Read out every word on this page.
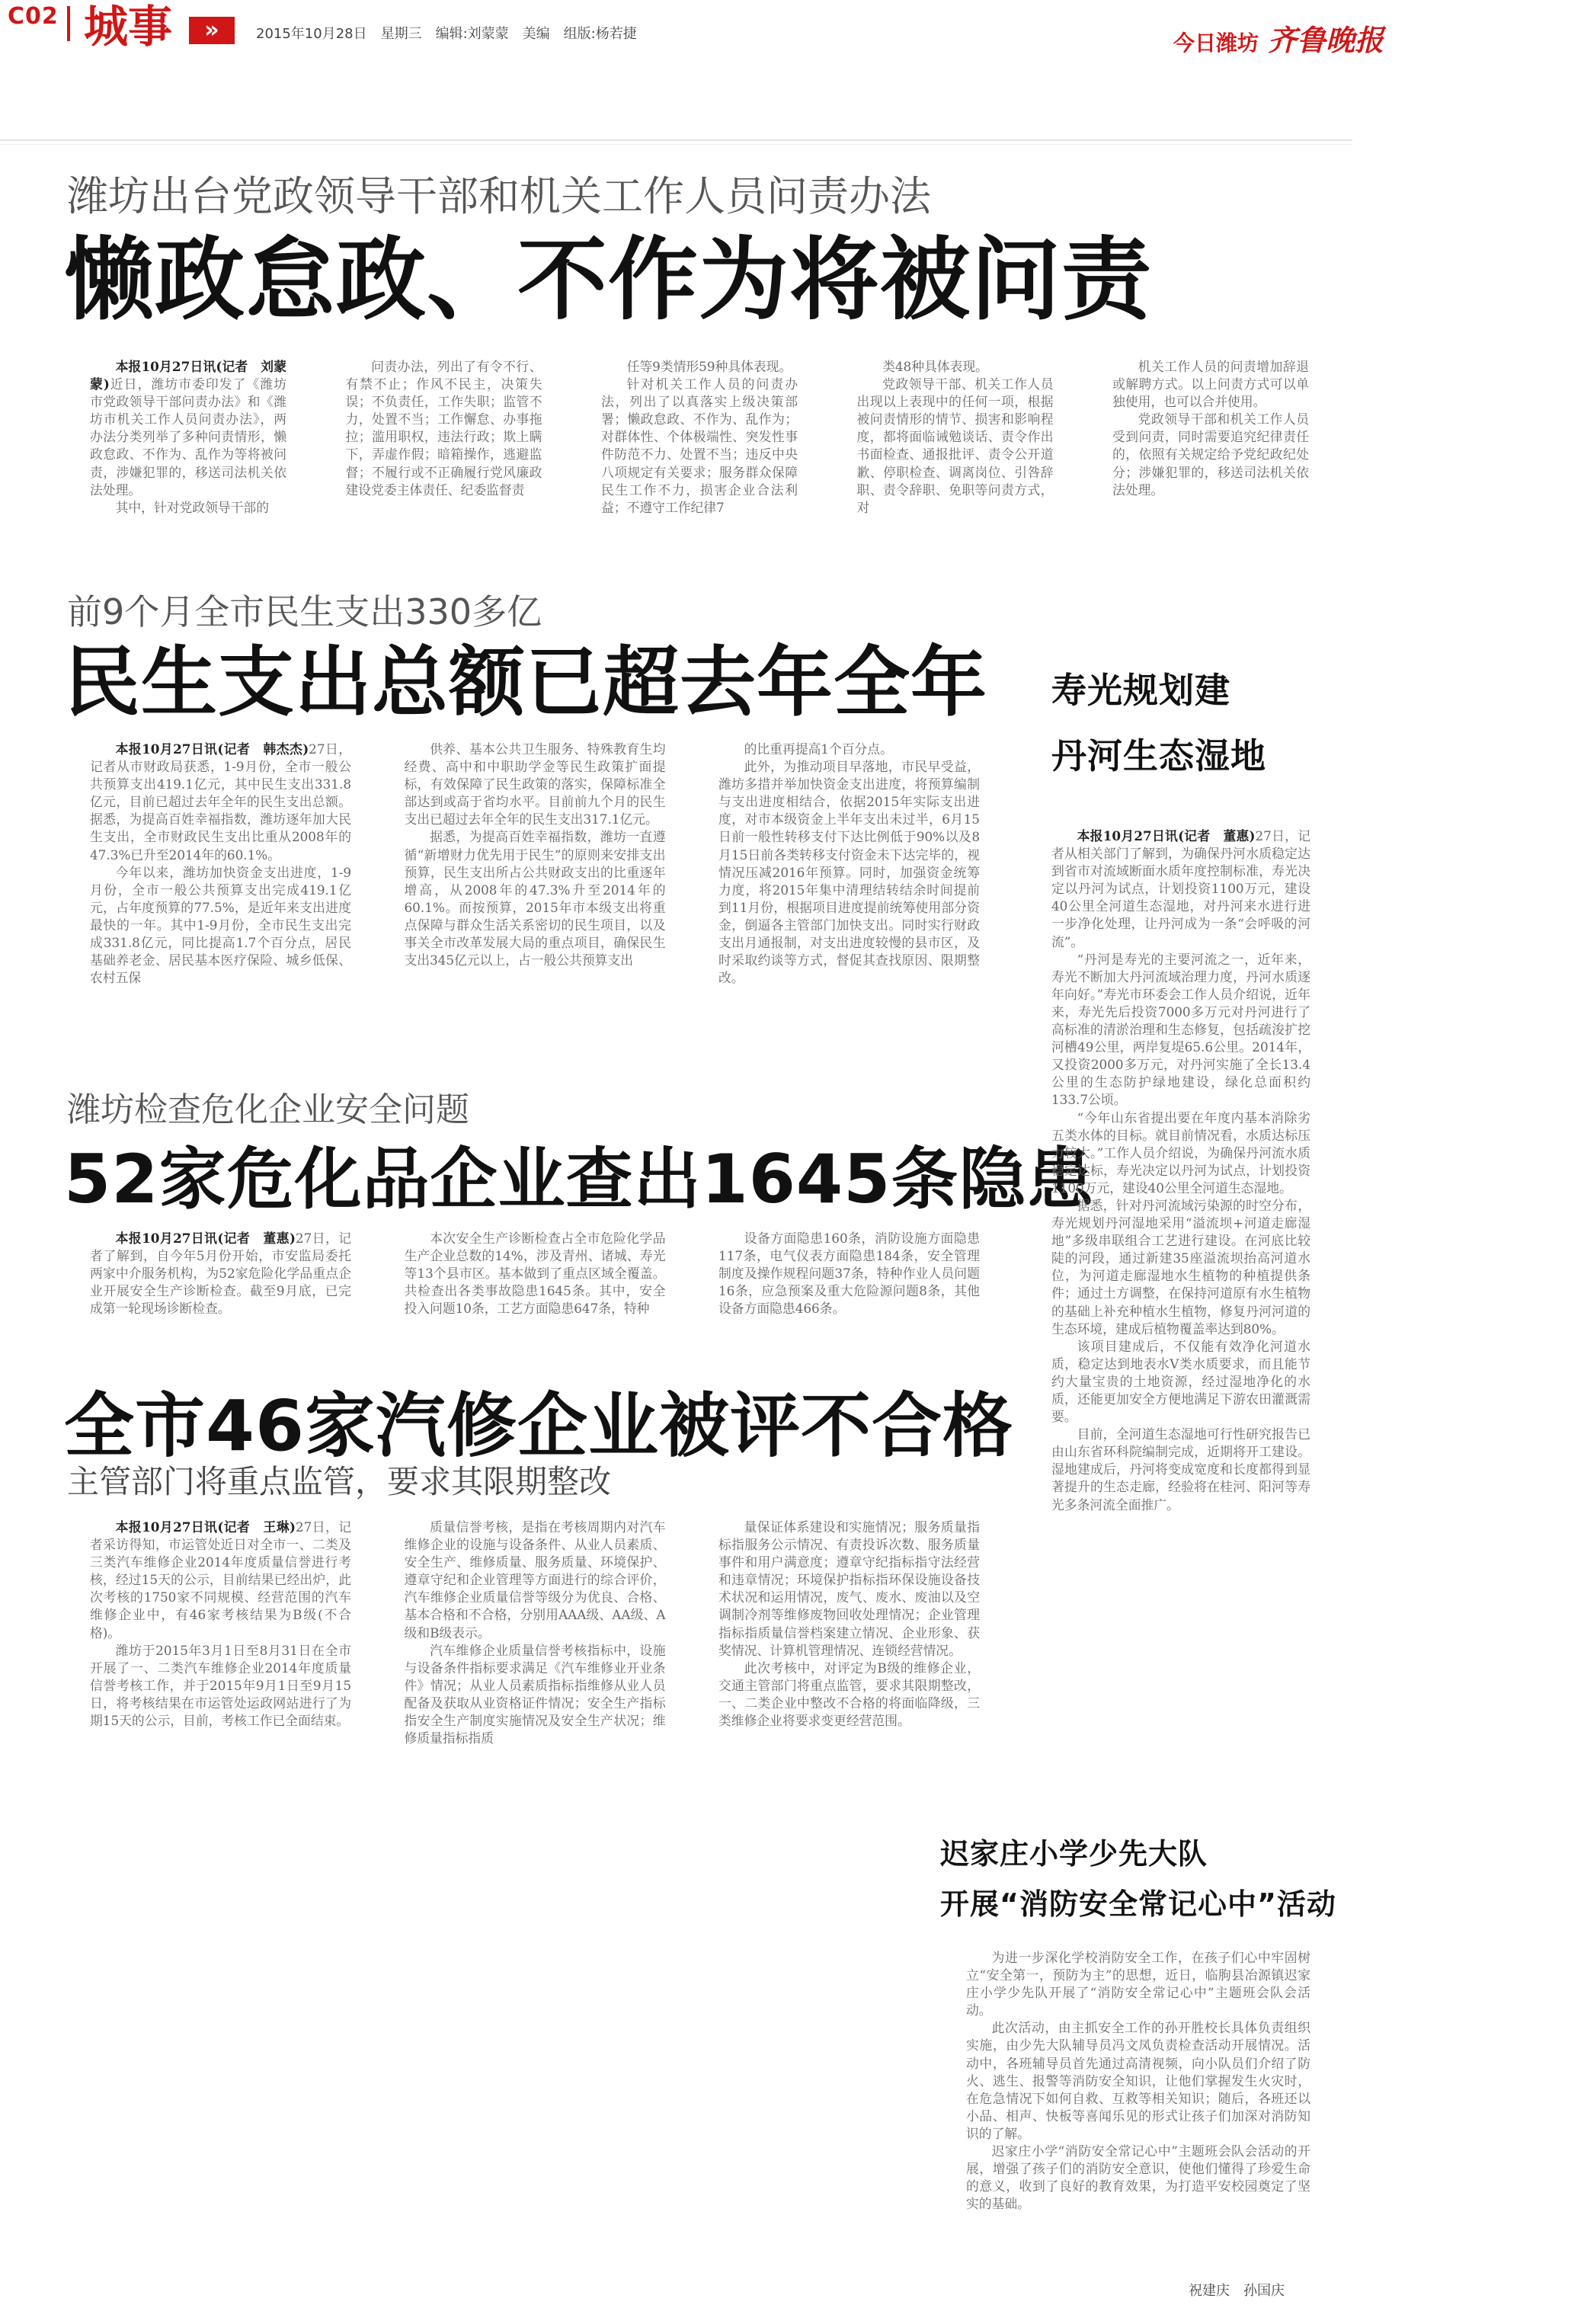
C02 城事	»	2015年10月28日　星期三　编辑:刘蒙蒙　美编　组版:杨若捷	今日潍坊 齐鲁晚报
潍坊出台党政领导干部和机关工作人员问责办法
懒政怠政、不作为将被问责

本报10月27日讯(记者　刘蒙蒙)近日，潍坊市委印发了《潍坊市党政领导干部问责办法》和《潍坊市机关工作人员问责办法》，两办法分类列举了多种问责情形，懒政怠政、不作为、乱作为等将被问责，涉嫌犯罪的，移送司法机关依法处理。

其中，针对党政领导干部的

问责办法，列出了有令不行、有禁不止；作风不民主，决策失误；不负责任，工作失职；监管不力，处置不当；工作懈怠、办事拖拉；滥用职权，违法行政；欺上瞒下，弄虚作假；暗箱操作，逃避监督；不履行或不正确履行党风廉政建设党委主体责任、纪委监督责

任等9类情形59种具体表现。

针对机关工作人员的问责办法，列出了以真落实上级决策部署；懒政怠政、不作为、乱作为；对群体性、个体极端性、突发性事件防范不力、处置不当；违反中央八项规定有关要求；服务群众保障民生工作不力，损害企业合法利益；不遵守工作纪律7

类48种具体表现。

党政领导干部、机关工作人员出现以上表现中的任何一项，根据被问责情形的情节、损害和影响程度，都将面临诫勉谈话、责令作出书面检查、通报批评、责令公开道歉、停职检查、调离岗位、引咎辞职、责令辞职、免职等问责方式，对

机关工作人员的问责增加辞退或解聘方式。以上问责方式可以单独使用，也可以合并使用。

党政领导干部和机关工作人员受到问责，同时需要追究纪律责任的，依照有关规定给予党纪政纪处分；涉嫌犯罪的，移送司法机关依法处理。

前9个月全市民生支出330多亿
民生支出总额已超去年全年

本报10月27日讯(记者　韩杰杰)27日，记者从市财政局获悉，1-9月份，全市一般公共预算支出419.1亿元，其中民生支出331.8亿元，目前已超过去年全年的民生支出总额。据悉，为提高百姓幸福指数，潍坊逐年加大民生支出，全市财政民生支出比重从2008年的47.3%已升至2014年的60.1%。

今年以来，潍坊加快资金支出进度，1-9月份，全市一般公共预算支出完成419.1亿元，占年度预算的77.5%，是近年来支出进度最快的一年。其中1-9月份，全市民生支出完成331.8亿元，同比提高1.7个百分点，居民基础养老金、居民基本医疗保险、城乡低保、农村五保

供养、基本公共卫生服务、特殊教育生均经费、高中和中职助学金等民生政策扩面提标，有效保障了民生政策的落实，保障标准全部达到或高于省均水平。目前前九个月的民生支出已超过去年全年的民生支出317.1亿元。

据悉，为提高百姓幸福指数，潍坊一直遵循“新增财力优先用于民生”的原则来安排支出预算，民生支出所占公共财政支出的比重逐年增高，从2008年的47.3%升至2014年的60.1%。而按预算，2015年市本级支出将重点保障与群众生活关系密切的民生项目，以及事关全市改革发展大局的重点项目，确保民生支出345亿元以上，占一般公共预算支出

的比重再提高1个百分点。

此外，为推动项目早落地，市民早受益，潍坊多措并举加快资金支出进度，将预算编制与支出进度相结合，依据2015年实际支出进度，对市本级资金上半年支出未过半，6月15日前一般性转移支付下达比例低于90%以及8月15日前各类转移支付资金未下达完毕的，视情况压减2016年预算。同时，加强资金统筹力度，将2015年集中清理结转结余时间提前到11月份，根据项目进度提前统筹使用部分资金，倒逼各主管部门加快支出。同时实行财政支出月通报制，对支出进度较慢的县市区，及时采取约谈等方式，督促其查找原因、限期整改。

潍坊检查危化企业安全问题
52家危化品企业查出1645条隐患

本报10月27日讯(记者　董惠)27日，记者了解到，自今年5月份开始，市安监局委托两家中介服务机构，为52家危险化学品重点企业开展安全生产诊断检查。截至9月底，已完成第一轮现场诊断检查。

本次安全生产诊断检查占全市危险化学品生产企业总数的14%，涉及青州、诸城、寿光等13个县市区。基本做到了重点区域全覆盖。共检查出各类事故隐患1645条。其中，安全投入问题10条，工艺方面隐患647条，特种

设备方面隐患160条，消防设施方面隐患117条，电气仪表方面隐患184条，安全管理制度及操作规程问题37条，特种作业人员问题16条，应急预案及重大危险源问题8条，其他设备方面隐患466条。

全市46家汽修企业被评不合格
主管部门将重点监管，要求其限期整改

本报10月27日讯(记者　王琳)27日，记者采访得知，市运管处近日对全市一、二类及三类汽车维修企业2014年度质量信誉进行考核，经过15天的公示，目前结果已经出炉，此次考核的1750家不同规模、经营范围的汽车维修企业中，有46家考核结果为B级(不合格)。

潍坊于2015年3月1日至8月31日在全市开展了一、二类汽车维修企业2014年度质量信誉考核工作，并于2015年9月1日至9月15日，将考核结果在市运管处运政网站进行了为期15天的公示，目前，考核工作已全面结束。

质量信誉考核，是指在考核周期内对汽车维修企业的设施与设备条件、从业人员素质、安全生产、维修质量、服务质量、环境保护、遵章守纪和企业管理等方面进行的综合评价，汽车维修企业质量信誉等级分为优良、合格、基本合格和不合格，分别用AAA级、AA级、A级和B级表示。

汽车维修企业质量信誉考核指标中，设施与设备条件指标要求满足《汽车维修业开业条件》情况；从业人员素质指标指维修从业人员配备及获取从业资格证件情况；安全生产指标指安全生产制度实施情况及安全生产状况；维修质量指标指质

量保证体系建设和实施情况；服务质量指标指服务公示情况、有责投诉次数、服务质量事件和用户满意度；遵章守纪指标指守法经营和违章情况；环境保护指标指环保设施设备技术状况和运用情况，废气、废水、废油以及空调制冷剂等维修废物回收处理情况；企业管理指标指质量信誉档案建立情况、企业形象、获奖情况、计算机管理情况、连锁经营情况。

此次考核中，对评定为B级的维修企业，交通主管部门将重点监管，要求其限期整改，一、二类企业中整改不合格的将面临降级，三类维修企业将要求变更经营范围。

寿光规划建
丹河生态湿地

本报10月27日讯(记者　董惠)27日，记者从相关部门了解到，为确保丹河水质稳定达到省市对流域断面水质年度控制标准，寿光决定以丹河为试点，计划投资1100万元，建设40公里全河道生态湿地，对丹河来水进行进一步净化处理，让丹河成为一条“会呼吸的河流”。

“丹河是寿光的主要河流之一，近年来，寿光不断加大丹河流域治理力度，丹河水质逐年向好。”寿光市环委会工作人员介绍说，近年来，寿光先后投资7000多万元对丹河进行了高标准的清淤治理和生态修复，包括疏浚扩挖河槽49公里，两岸复堤65.6公里。2014年，又投资2000多万元，对丹河实施了全长13.4公里的生态防护绿地建设，绿化总面积约133.7公顷。

“今年山东省提出要在年度内基本消除劣五类水体的目标。就目前情况看，水质达标压力较大。”工作人员介绍说，为确保丹河流水质稳定达标，寿光决定以丹河为试点，计划投资1100万元，建设40公里全河道生态湿地。

据悉，针对丹河流域污染源的时空分布，寿光规划丹河湿地采用“溢流坝+河道走廊湿地”多级串联组合工艺进行建设。在河底比较陡的河段，通过新建35座溢流坝抬高河道水位，为河道走廊湿地水生植物的种植提供条件；通过土方调整，在保持河道原有水生植物的基础上补充种植水生植物，修复丹河河道的生态环境，建成后植物覆盖率达到80%。

该项目建成后，不仅能有效净化河道水质，稳定达到地表水Ⅴ类水质要求，而且能节约大量宝贵的土地资源，经过湿地净化的水质，还能更加安全方便地满足下游农田灌溉需要。

目前，全河道生态湿地可行性研究报告已由山东省环科院编制完成，近期将开工建设。湿地建成后，丹河将变成宽度和长度都得到显著提升的生态走廊，经验将在桂河、阳河等寿光多条河流全面推广。

迟家庄小学少先大队
开展“消防安全常记心中”活动

为进一步深化学校消防安全工作，在孩子们心中牢固树立“安全第一，预防为主”的思想，近日，临朐县冶源镇迟家庄小学少先队开展了“消防安全常记心中”主题班会队会活动。

此次活动，由主抓安全工作的孙开胜校长具体负责组织实施，由少先大队辅导员冯文凤负责检查活动开展情况。活动中，各班辅导员首先通过高清视频，向小队员们介绍了防火、逃生、报警等消防安全知识，让他们掌握发生火灾时，在危急情况下如何自救、互救等相关知识；随后，各班还以小品、相声、快板等喜闻乐见的形式让孩子们加深对消防知识的了解。

迟家庄小学“消防安全常记心中”主题班会队会活动的开展，增强了孩子们的消防安全意识，使他们懂得了珍爱生命的意义，收到了良好的教育效果，为打造平安校园奠定了坚实的基础。

祝建庆　孙国庆
